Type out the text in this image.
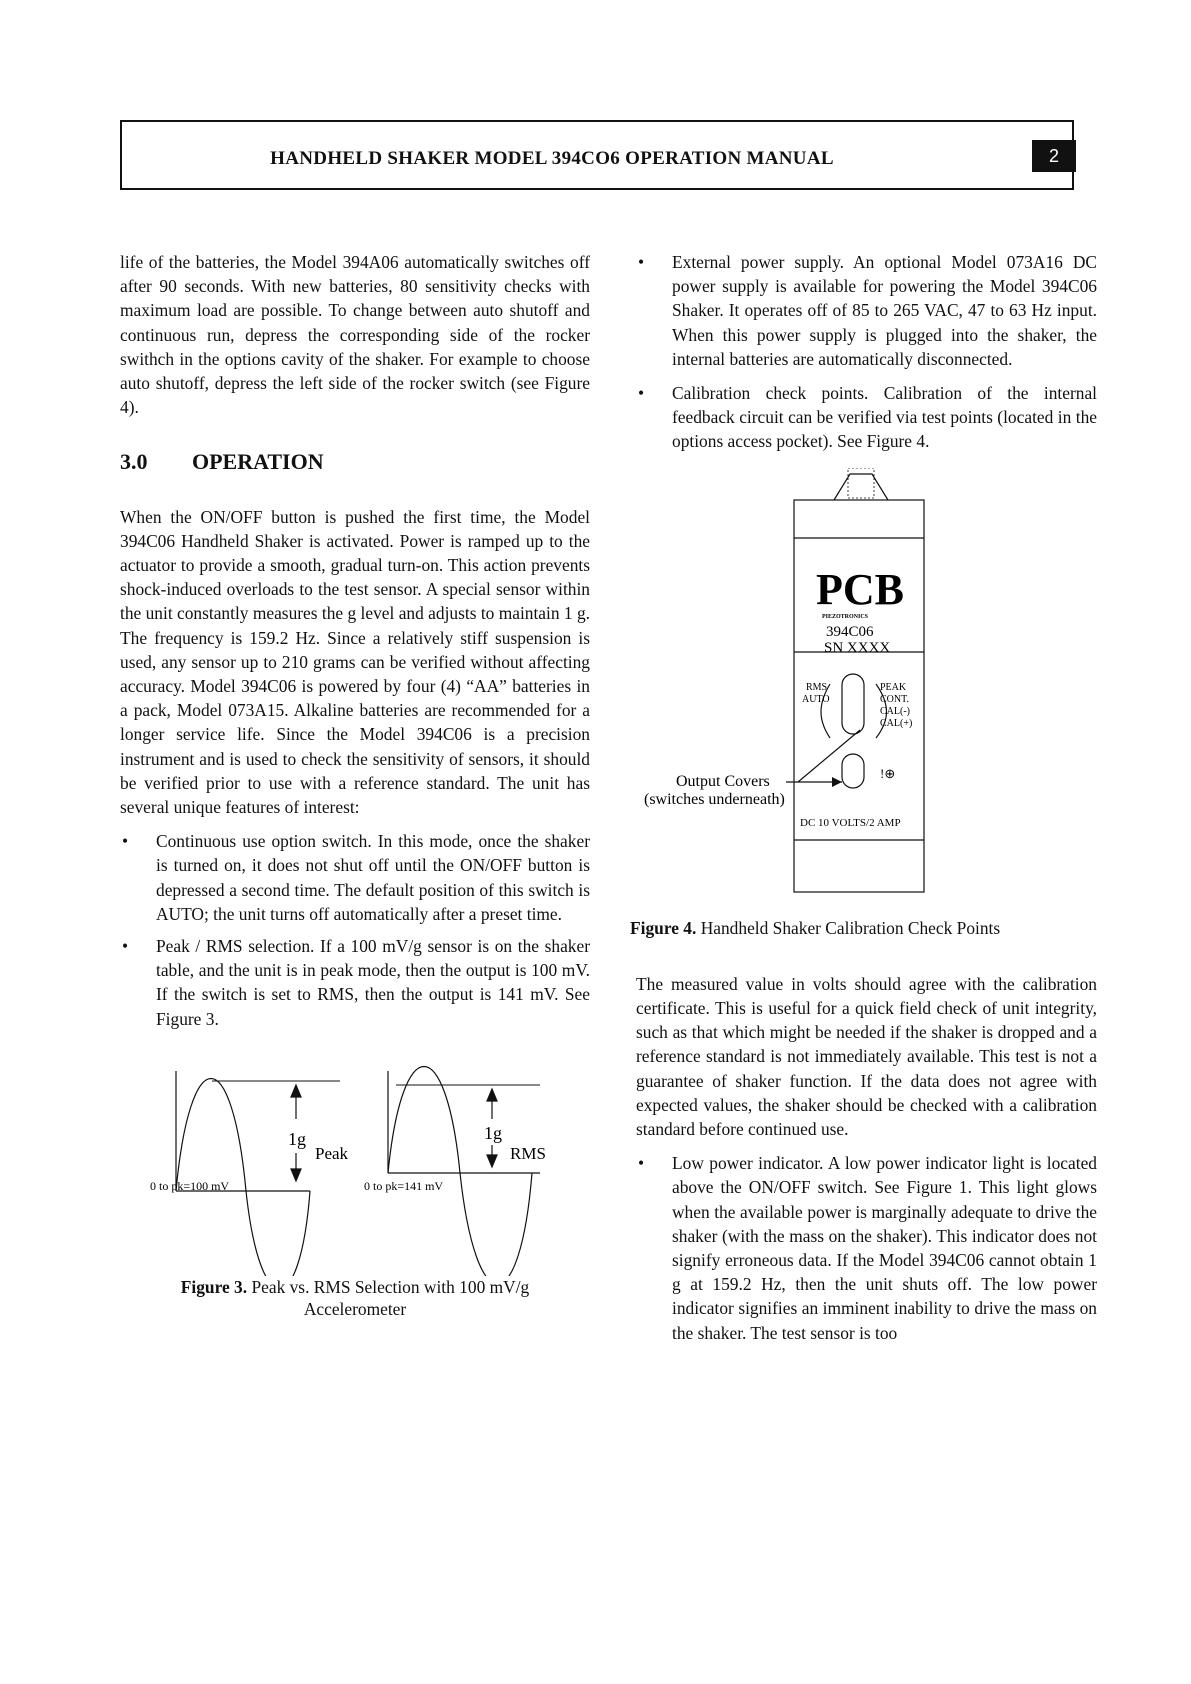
HANDHELD SHAKER MODEL 394CO6 OPERATION MANUAL	2

life of the batteries, the Model 394A06 automatically switches off after 90 seconds. With new batteries, 80 sensitivity checks with maximum load are possible. To change between auto shutoff and continuous run, depress the corresponding side of the rocker swithch in the options cavity of the shaker. For example to choose auto shutoff, depress the left side of the rocker switch (see Figure 4).

3.0 OPERATION

When the ON/OFF button is pushed the first time, the Model 394C06 Handheld Shaker is activated. Power is ramped up to the actuator to provide a smooth, gradual turn-on. This action prevents shock-induced overloads to the test sensor. A special sensor within the unit constantly measures the g level and adjusts to maintain 1 g. The frequency is 159.2 Hz. Since a relatively stiff suspension is used, any sensor up to 210 grams can be verified without affecting accuracy. Model 394C06 is powered by four (4) “AA” batteries in a pack, Model 073A15. Alkaline batteries are recommended for a longer service life. Since the Model 394C06 is a precision instrument and is used to check the sensitivity of sensors, it should be verified prior to use with a reference standard. The unit has several unique features of interest:

• Continuous use option switch. In this mode, once the shaker is turned on, it does not shut off until the ON/OFF button is depressed a second time. The default position of this switch is AUTO; the unit turns off automatically after a preset time.
• Peak / RMS selection. If a 100 mV/g sensor is on the shaker table, and the unit is in peak mode, then the output is 100 mV. If the switch is set to RMS, then the output is 141 mV. See Figure 3.
1g
Peak
0 to pk=100 mV
1g
RMS
0 to pk=141 mV
Figure 3. Peak vs. RMS Selection with 100 mV/g Accelerometer
• External power supply. An optional Model 073A16 DC power supply is available for powering the Model 394C06 Shaker. It operates off of 85 to 265 VAC, 47 to 63 Hz input. When this power supply is plugged into the shaker, the internal batteries are automatically disconnected.
• Calibration check points. Calibration of the internal feedback circuit can be verified via test points (located in the options access pocket). See Figure 4.
PCB
PIEZOTRONICS
394C06
SN XXXX
RMS
AUTO
PEAK
CONT.
CAL(-)
CAL(+)
Output Covers
(switches underneath)
!⊕
DC 10 VOLTS/2 AMP
Figure 4. Handheld Shaker Calibration Check Points

The measured value in volts should agree with the calibration certificate. This is useful for a quick field check of unit integrity, such as that which might be needed if the shaker is dropped and a reference standard is not immediately available. This test is not a guarantee of shaker function. If the data does not agree with expected values, the shaker should be checked with a calibration standard before continued use.

• Low power indicator. A low power indicator light is located above the ON/OFF switch. See Figure 1. This light glows when the available power is marginally adequate to drive the shaker (with the mass on the shaker). This indicator does not signify erroneous data. If the Model 394C06 cannot obtain 1 g at 159.2 Hz, then the unit shuts off. The low power indicator signifies an imminent inability to drive the mass on the shaker. The test sensor is too
